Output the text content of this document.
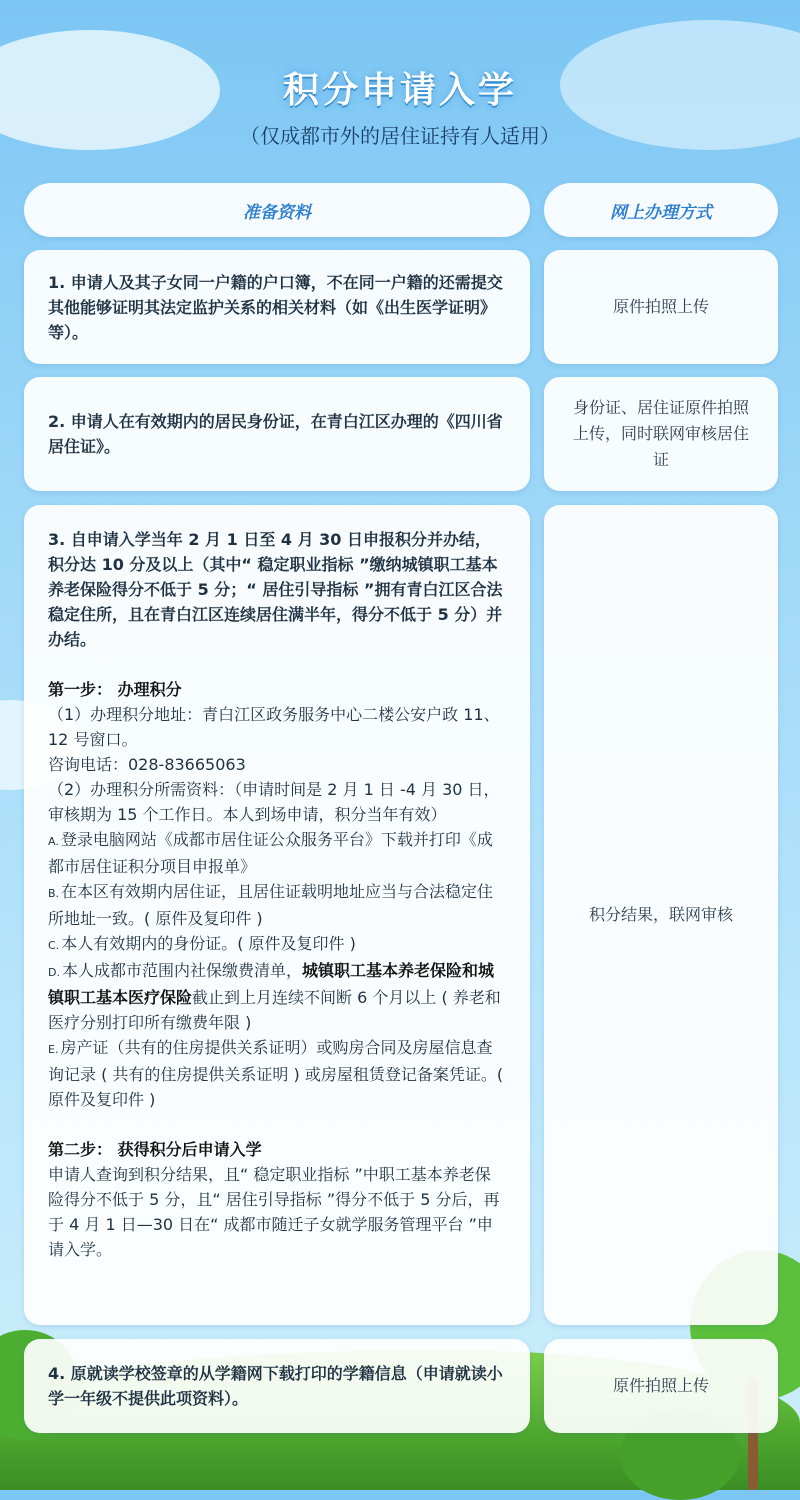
积分申请入学
（仅成都市外的居住证持有人适用）
准备资料	网上办理方式
1. 申请人及其子女同一户籍的户口簿，不在同一户籍的还需提交其他能够证明其法定监护关系的相关材料（如《出生医学证明》等）。
原件拍照上传
2. 申请人在有效期内的居民身份证，在青白江区办理的《四川省居住证》。
身份证、居住证原件拍照上传，同时联网审核居住证
3. 自申请入学当年 2 月 1 日至 4 月 30 日申报积分并办结，积分达 10 分及以上（其中“ 稳定职业指标 ”缴纳城镇职工基本养老保险得分不低于 5 分；“ 居住引导指标 ”拥有青白江区合法稳定住所，且在青白江区连续居住满半年，得分不低于 5 分）并办结。
第一步： 办理积分
（1）办理积分地址：青白江区政务服务中心二楼公安户政 11、12 号窗口。
咨询电话：028-83665063
（2）办理积分所需资料：（申请时间是 2 月 1 日 -4 月 30 日，审核期为 15 个工作日。本人到场申请，积分当年有效）
A. 登录电脑网站《成都市居住证公众服务平台》下载并打印《成都市居住证积分项目申报单》
B. 在本区有效期内居住证，且居住证载明地址应当与合法稳定住所地址一致。( 原件及复印件 )
C. 本人有效期内的身份证。( 原件及复印件 )
D. 本人成都市范围内社保缴费清单，城镇职工基本养老保险和城镇职工基本医疗保险截止到上月连续不间断 6 个月以上 ( 养老和医疗分别打印所有缴费年限 )
E. 房产证（共有的住房提供关系证明）或购房合同及房屋信息查询记录 ( 共有的住房提供关系证明 ) 或房屋租赁登记备案凭证。( 原件及复印件 )
第二步： 获得积分后申请入学
申请人查询到积分结果，且“ 稳定职业指标 ”中职工基本养老保险得分不低于 5 分，且“ 居住引导指标 ”得分不低于 5 分后，再于 4 月 1 日—30 日在“ 成都市随迁子女就学服务管理平台 ”申请入学。
积分结果，联网审核
4. 原就读学校签章的从学籍网下载打印的学籍信息（申请就读小学一年级不提供此项资料）。
原件拍照上传
